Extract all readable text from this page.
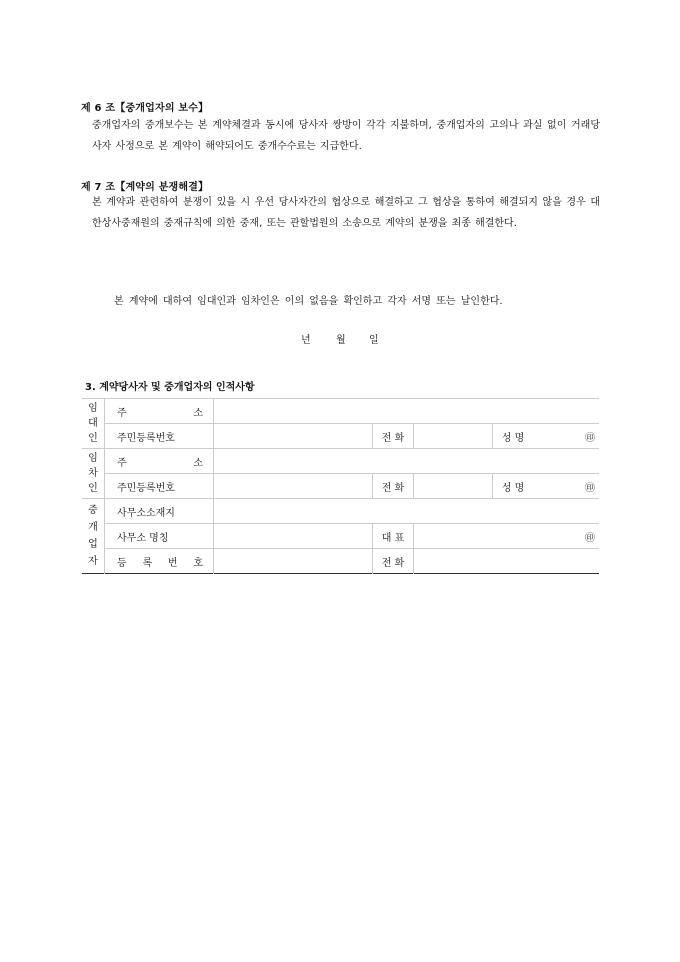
제 6 조【중개업자의 보수】
중개업자의 중개보수는 본 계약체결과 동시에 당사자 쌍방이 각각 지불하며, 중개업자의 고의나 과실 없이 거래당사자 사정으로 본 계약이 해약되어도 중개수수료는 지급한다.
제 7 조【계약의 분쟁해결】
본 계약과 관련하여 분쟁이 있을 시 우선 당사자간의 협상으로 해결하고 그 협상을 통하여 해결되지 않을 경우 대한상사중재원의 중재규칙에 의한 중재, 또는 관할법원의 소송으로 계약의 분쟁을 최종 해결한다.
본 계약에 대하여 임대인과 임차인은 이의 없음을 확인하고 각자 서명 또는 날인한다.
년	월 일
3. 계약당사자 및 중개업자의 인적사항
임대인	주 소						
	주민등록번호		전 화		성 명		㊞

임차인	주 소						
	주민등록번호		전 화		성 명		㊞

중개업자	사무소소재지						
	사무소 명칭		대 표				㊞
	등 록 번 호		전 화				
